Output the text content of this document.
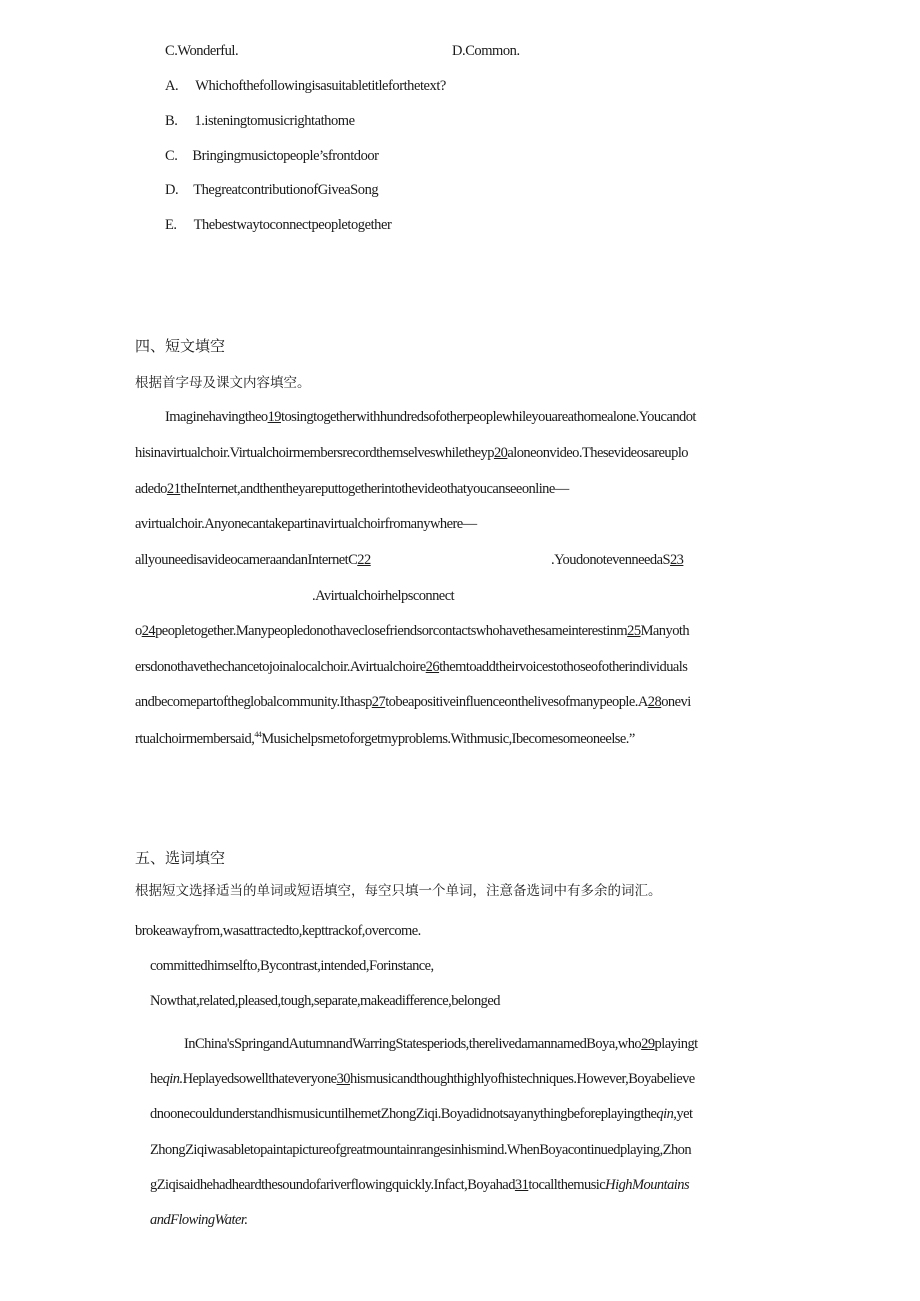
C.Wonderful.	D.Common.
A. Whichofthefollowingisasuitabletitleforthetext?
B. 1.isteningtomusicrightathome
C. Bringingmusictopeople’sfrontdoor
D. ThegreatcontributionofGiveaSong
E. Thebestwaytoconnectpeopletogether
四、短文填空
根据首字母及课文内容填空。
Imaginehavingtheo19tosingtogetherwithhundredsofotherpeoplewhileyouareathomealone.Youcandot
hisinavirtualchoir.Virtualchoirmembersrecordthemselveswhiletheyp20aloneonvideo.Thesevideosareuplo
adedo21theInternet,andthentheyareputtogetherintothevideothatyoucanseeonline—
avirtualchoir.Anyonecantakepartinavirtualchoirfromanywhere—
allyouneedisavideocameraandanInternetC22	.YoudonotevenneedaS23
.Avirtualchoirhelpsconnect
o24peopletogether.Manypeopledonothaveclosefriendsorcontactswhohavethesameinterestinm25Manyoth
ersdonothavethechancetojoinalocalchoir.Avirtualchoire26themtoaddtheirvoicestothoseofotherindividuals
andbecomepartoftheglobalcommunity.Ithasp27tobeapositiveinfluenceonthelivesofmanypeople.A28onevi
rtualchoirmembersaid,$^{44}$Musichelpsmetoforgetmyproblems.Withmusic,Ibecomesomeoneelse.”
五、选词填空
根据短文选择适当的单词或短语填空，每空只填一个单词，注意备选词中有多余的词汇。
brokeawayfrom,wasattractedto,kepttrackof,overcome.
committedhimselfto,Bycontrast,intended,Forinstance,
Nowthat,related,pleased,tough,separate,makeadifference,belonged
InChina'sSpringandAutumnandWarringStatesperiods,therelivedamannamedBoya,who29playingt
heqin.Heplayedsowellthateveryone30hismusicandthoughthighlyofhistechniques.However,Boyabelieve
dnoonecouldunderstandhismusicuntilhemetZhongZiqi.Boyadidnotsayanythingbeforeplayingtheqin,yet
ZhongZiqiwasabletopaintapictureofgreatmountainrangesinhismind.WhenBoyacontinuedplaying,Zhon
gZiqisaidhehadheardthesoundofariverflowingquickly.Infact,Boyahad31tocallthemusicHighMountains
andFlowingWater.
